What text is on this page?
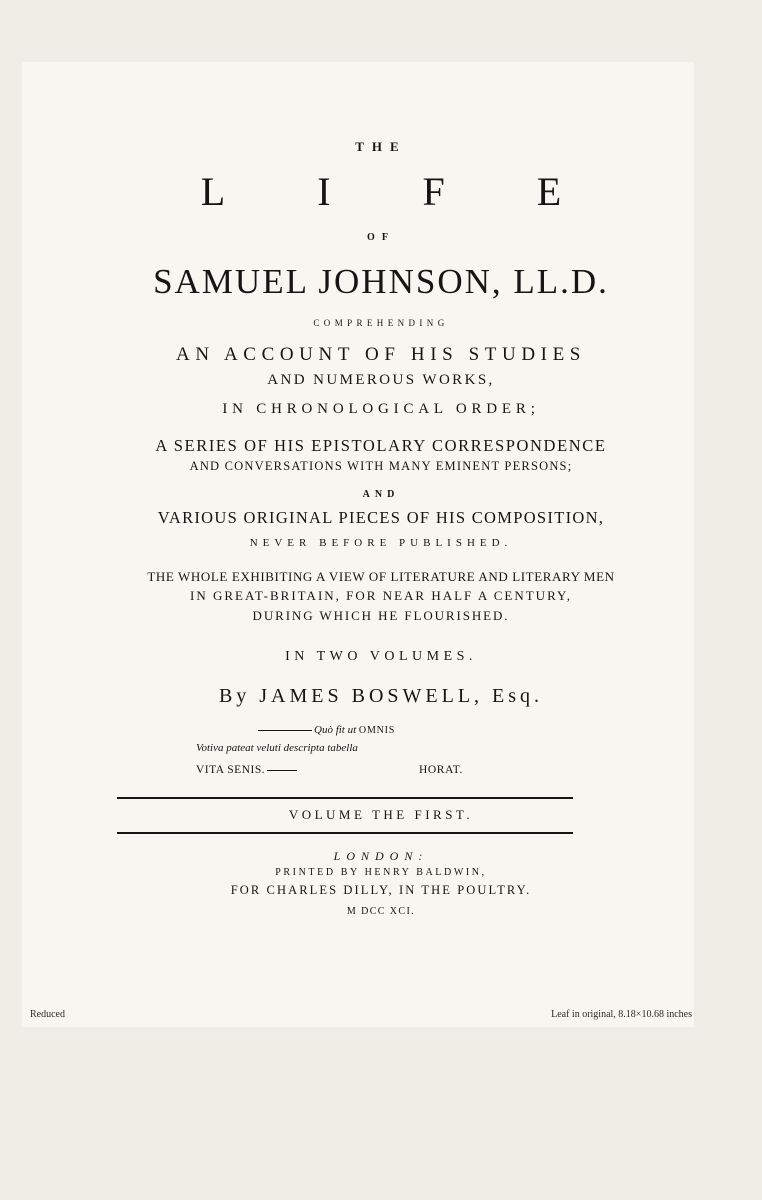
THE
LIFE
OF
SAMUEL JOHNSON, LL.D.
COMPREHENDING
AN ACCOUNT OF HIS STUDIES
AND NUMEROUS WORKS,
IN CHRONOLOGICAL ORDER;
A SERIES OF HIS EPISTOLARY CORRESPONDENCE
AND CONVERSATIONS WITH MANY EMINENT PERSONS;
AND
VARIOUS ORIGINAL PIECES OF HIS COMPOSITION,
NEVER BEFORE PUBLISHED.
THE WHOLE EXHIBITING A VIEW OF LITERATURE AND LITERARY MEN
IN GREAT-BRITAIN, FOR NEAR HALF A CENTURY,
DURING WHICH HE FLOURISHED.
IN TWO VOLUMES.
By JAMES BOSWELL, Esq.
Quò fit ut OMNIS
Votiva pateat veluti descripta tabella
VITA SENIS.	HORAT.
VOLUME THE FIRST.
LONDON:
PRINTED BY HENRY BALDWIN,
FOR CHARLES DILLY, IN THE POULTRY.
M DCC XCI.
Reduced	Leaf in original, 8.18×10.68 inches
